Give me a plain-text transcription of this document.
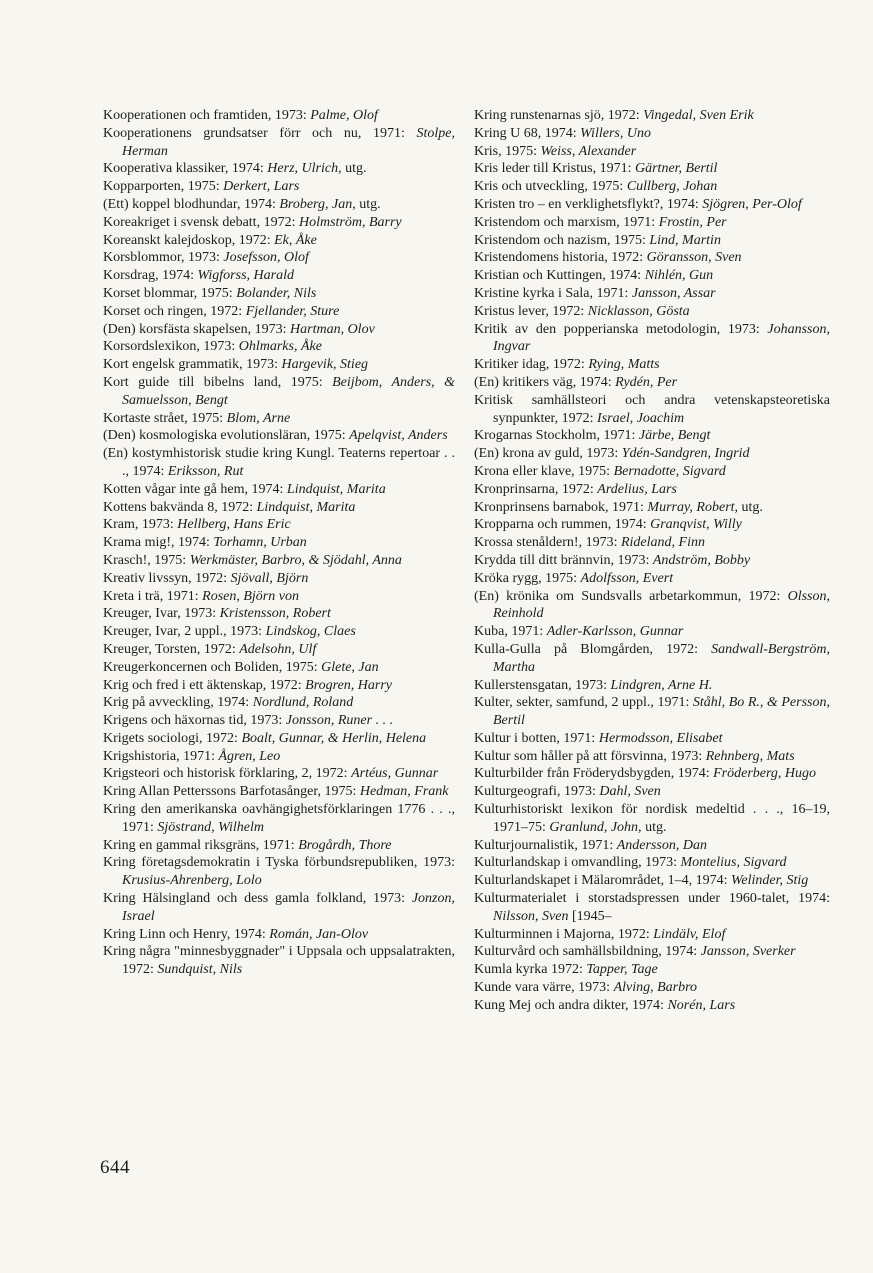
Kooperationen och framtiden, 1973: Palme, Olof
Kooperationens grundsatser förr och nu, 1971: Stolpe, Herman
Kooperativa klassiker, 1974: Herz, Ulrich, utg.
Kopparporten, 1975: Derkert, Lars
(Ett) koppel blodhundar, 1974: Broberg, Jan, utg.
Koreakriget i svensk debatt, 1972: Holmström, Barry
Koreanskt kalejdoskop, 1972: Ek, Åke
Korsblommor, 1973: Josefsson, Olof
Korsdrag, 1974: Wigforss, Harald
Korset blommar, 1975: Bolander, Nils
Korset och ringen, 1972: Fjellander, Sture
(Den) korsfästa skapelsen, 1973: Hartman, Olov
Korsordslexikon, 1973: Ohlmarks, Åke
Kort engelsk grammatik, 1973: Hargevik, Stieg
Kort guide till bibelns land, 1975: Beijbom, Anders, & Samuelsson, Bengt
Kortaste strået, 1975: Blom, Arne
(Den) kosmologiska evolutionsläran, 1975: Apelqvist, Anders
(En) kostymhistorisk studie kring Kungl. Teaterns repertoar . . ., 1974: Eriksson, Rut
Kotten vågar inte gå hem, 1974: Lindquist, Marita
Kottens bakvända 8, 1972: Lindquist, Marita
Kram, 1973: Hellberg, Hans Eric
Krama mig!, 1974: Torhamn, Urban
Krasch!, 1975: Werkmäster, Barbro, & Sjödahl, Anna
Kreativ livssyn, 1972: Sjövall, Björn
Kreta i trä, 1971: Rosen, Björn von
Kreuger, Ivar, 1973: Kristensson, Robert
Kreuger, Ivar, 2 uppl., 1973: Lindskog, Claes
Kreuger, Torsten, 1972: Adelsohn, Ulf
Kreugerkoncernen och Boliden, 1975: Glete, Jan
Krig och fred i ett äktenskap, 1972: Brogren, Harry
Krig på avveckling, 1974: Nordlund, Roland
Krigens och häxornas tid, 1973: Jonsson, Runer . . .
Krigets sociologi, 1972: Boalt, Gunnar, & Herlin, Helena
Krigshistoria, 1971: Ågren, Leo
Krigsteori och historisk förklaring, 2, 1972: Artéus, Gunnar
Kring Allan Petterssons Barfotasånger, 1975: Hedman, Frank
Kring den amerikanska oavhängighetsförklaringen 1776 . . ., 1971: Sjöstrand, Wilhelm
Kring en gammal riksgräns, 1971: Brogårdh, Thore
Kring företagsdemokratin i Tyska förbundsrepubliken, 1973: Krusius-Ahrenberg, Lolo
Kring Hälsingland och dess gamla folkland, 1973: Jonzon, Israel
Kring Linn och Henry, 1974: Román, Jan-Olov
Kring några "minnesbyggnader" i Uppsala och uppsalatrakten, 1972: Sundquist, Nils
Kring runstenarnas sjö, 1972: Vingedal, Sven Erik
Kring U 68, 1974: Willers, Uno
Kris, 1975: Weiss, Alexander
Kris leder till Kristus, 1971: Gärtner, Bertil
Kris och utveckling, 1975: Cullberg, Johan
Kristen tro – en verklighetsflykt?, 1974: Sjögren, Per-Olof
Kristendom och marxism, 1971: Frostin, Per
Kristendom och nazism, 1975: Lind, Martin
Kristendomens historia, 1972: Göransson, Sven
Kristian och Kuttingen, 1974: Nihlén, Gun
Kristine kyrka i Sala, 1971: Jansson, Assar
Kristus lever, 1972: Nicklasson, Gösta
Kritik av den popperianska metodologin, 1973: Johansson, Ingvar
Kritiker idag, 1972: Rying, Matts
(En) kritikers väg, 1974: Rydén, Per
Kritisk samhällsteori och andra vetenskapsteoretiska synpunkter, 1972: Israel, Joachim
Krogarnas Stockholm, 1971: Järbe, Bengt
(En) krona av guld, 1973: Ydén-Sandgren, Ingrid
Krona eller klave, 1975: Bernadotte, Sigvard
Kronprinsarna, 1972: Ardelius, Lars
Kronprinsens barnabok, 1971: Murray, Robert, utg.
Kropparna och rummen, 1974: Granqvist, Willy
Krossa stenåldern!, 1973: Rideland, Finn
Krydda till ditt brännvin, 1973: Andström, Bobby
Kröka rygg, 1975: Adolfsson, Evert
(En) krönika om Sundsvalls arbetarkommun, 1972: Olsson, Reinhold
Kuba, 1971: Adler-Karlsson, Gunnar
Kulla-Gulla på Blomgården, 1972: Sandwall-Bergström, Martha
Kullerstensgatan, 1973: Lindgren, Arne H.
Kulter, sekter, samfund, 2 uppl., 1971: Ståhl, Bo R., & Persson, Bertil
Kultur i botten, 1971: Hermodsson, Elisabet
Kultur som håller på att försvinna, 1973: Rehnberg, Mats
Kulturbilder från Fröderydsbygden, 1974: Fröderberg, Hugo
Kulturgeografi, 1973: Dahl, Sven
Kulturhistoriskt lexikon för nordisk medeltid . . ., 16–19, 1971–75: Granlund, John, utg.
Kulturjournalistik, 1971: Andersson, Dan
Kulturlandskap i omvandling, 1973: Montelius, Sigvard
Kulturlandskapet i Mälarområdet, 1–4, 1974: Welinder, Stig
Kulturmaterialet i storstadspressen under 1960-talet, 1974: Nilsson, Sven [1945–
Kulturminnen i Majorna, 1972: Lindälv, Elof
Kulturvård och samhällsbildning, 1974: Jansson, Sverker
Kumla kyrka 1972: Tapper, Tage
Kunde vara värre, 1973: Alving, Barbro
Kung Mej och andra dikter, 1974: Norén, Lars
644
